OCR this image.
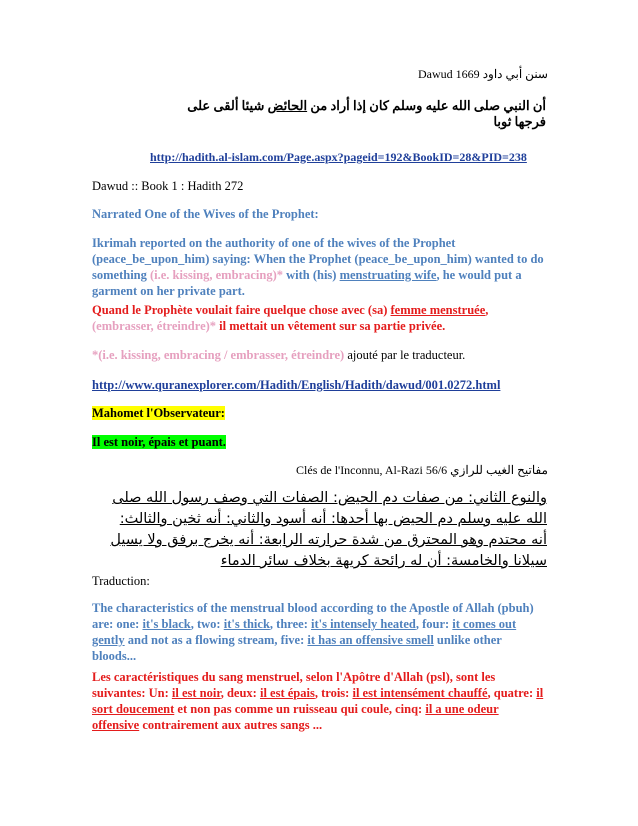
Dawud 1669 سنن أبي داود
أن النبي صلى الله عليه وسلم كان إذا أراد من الحائض شيئا ألقى على فرجها ثوبا
http://hadith.al-islam.com/Page.aspx?pageid=192&BookID=28&PID=238
Dawud :: Book 1 : Hadith 272
Narrated One of the Wives of the Prophet:
Ikrimah reported on the authority of one of the wives of the Prophet (peace_be_upon_him) saying: When the Prophet (peace_be_upon_him) wanted to do something (i.e. kissing, embracing)* with (his) menstruating wife, he would put a garment on her private part.
Quand le Prophète voulait faire quelque chose avec (sa) femme menstruée,
(embrasser, étreindre)* il mettait un vêtement sur sa partie privée.
*(i.e. kissing, embracing / embrasser, étreindre) ajouté par le traducteur.
http://www.quranexplorer.com/Hadith/English/Hadith/dawud/001.0272.html
Mahomet l'Observateur:
Il est noir, épais et puant.
Clés de l'Inconnu, Al-Razi 56/6 مفاتيح الغيب للرازي
والنوع الثاني: من صفات دم الحيض: الصفات التي وصف رسول الله صلى
الله عليه وسلم دم الحيض بها أحدها: أنه أسود والثاني: أنه ثخين والثالث:
أنه محتدم وهو المحترق من شدة حرارته الرابعة: أنه يخرج برفق ولا يسيل
سيلانا والخامسة: أن له رائحة كريهة بخلاف سائر الدماء
Traduction:
The characteristics of the menstrual blood according to the Apostle of Allah (pbuh) are: one: it's black, two: it's thick, three: it's intensely heated, four: it comes out gently and not as a flowing stream, five: it has an offensive smell unlike other bloods...
Les caractéristiques du sang menstruel, selon l'Apôtre d'Allah (psl), sont les suivantes: Un: il est noir, deux: il est épais, trois: il est intensément chauffé, quatre: il sort doucement et non pas comme un ruisseau qui coule, cinq: il a une odeur offensive contrairement aux autres sangs ...
